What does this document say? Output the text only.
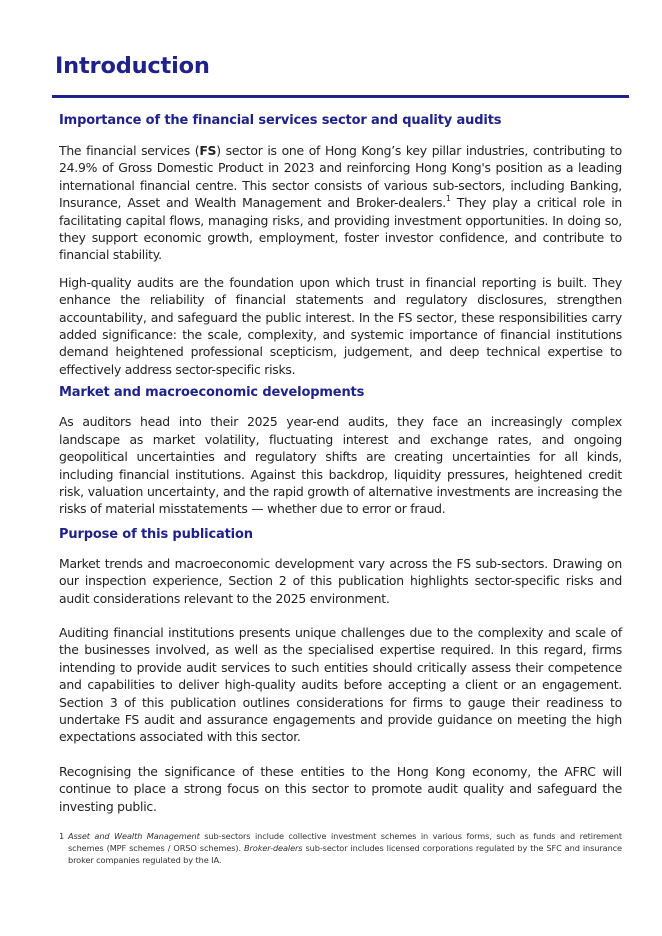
Introduction
Importance of the financial services sector and quality audits

The financial services (FS) sector is one of Hong Kong’s key pillar industries, contributing to 24.9% of Gross Domestic Product in 2023 and reinforcing Hong Kong's position as a leading international financial centre. This sector consists of various sub-sectors, including Banking, Insurance, Asset and Wealth Management and Broker-dealers.$^1$ They play a critical role in facilitating capital flows, managing risks, and providing investment opportunities. In doing so, they support economic growth, employment, foster investor confidence, and contribute to financial stability.

High-quality audits are the foundation upon which trust in financial reporting is built. They enhance the reliability of financial statements and regulatory disclosures, strengthen accountability, and safeguard the public interest. In the FS sector, these responsibilities carry added significance: the scale, complexity, and systemic importance of financial institutions demand heightened professional scepticism, judgement, and deep technical expertise to effectively address sector-specific risks.

Market and macroeconomic developments

As auditors head into their 2025 year-end audits, they face an increasingly complex landscape as market volatility, fluctuating interest and exchange rates, and ongoing geopolitical uncertainties and regulatory shifts are creating uncertainties for all kinds, including financial institutions. Against this backdrop, liquidity pressures, heightened credit risk, valuation uncertainty, and the rapid growth of alternative investments are increasing the risks of material misstatements — whether due to error or fraud.

Purpose of this publication

Market trends and macroeconomic development vary across the FS sub-sectors. Drawing on our inspection experience, Section 2 of this publication highlights sector-specific risks and audit considerations relevant to the 2025 environment.

Auditing financial institutions presents unique challenges due to the complexity and scale of the businesses involved, as well as the specialised expertise required. In this regard, firms intending to provide audit services to such entities should critically assess their competence and capabilities to deliver high-quality audits before accepting a client or an engagement. Section 3 of this publication outlines considerations for firms to gauge their readiness to undertake FS audit and assurance engagements and provide guidance on meeting the high expectations associated with this sector.

Recognising the significance of these entities to the Hong Kong economy, the AFRC will continue to place a strong focus on this sector to promote audit quality and safeguard the investing public.

1 Asset and Wealth Management sub-sectors include collective investment schemes in various forms, such as funds and retirement schemes (MPF schemes / ORSO schemes). Broker-dealers sub-sector includes licensed corporations regulated by the SFC and insurance broker companies regulated by the IA.
